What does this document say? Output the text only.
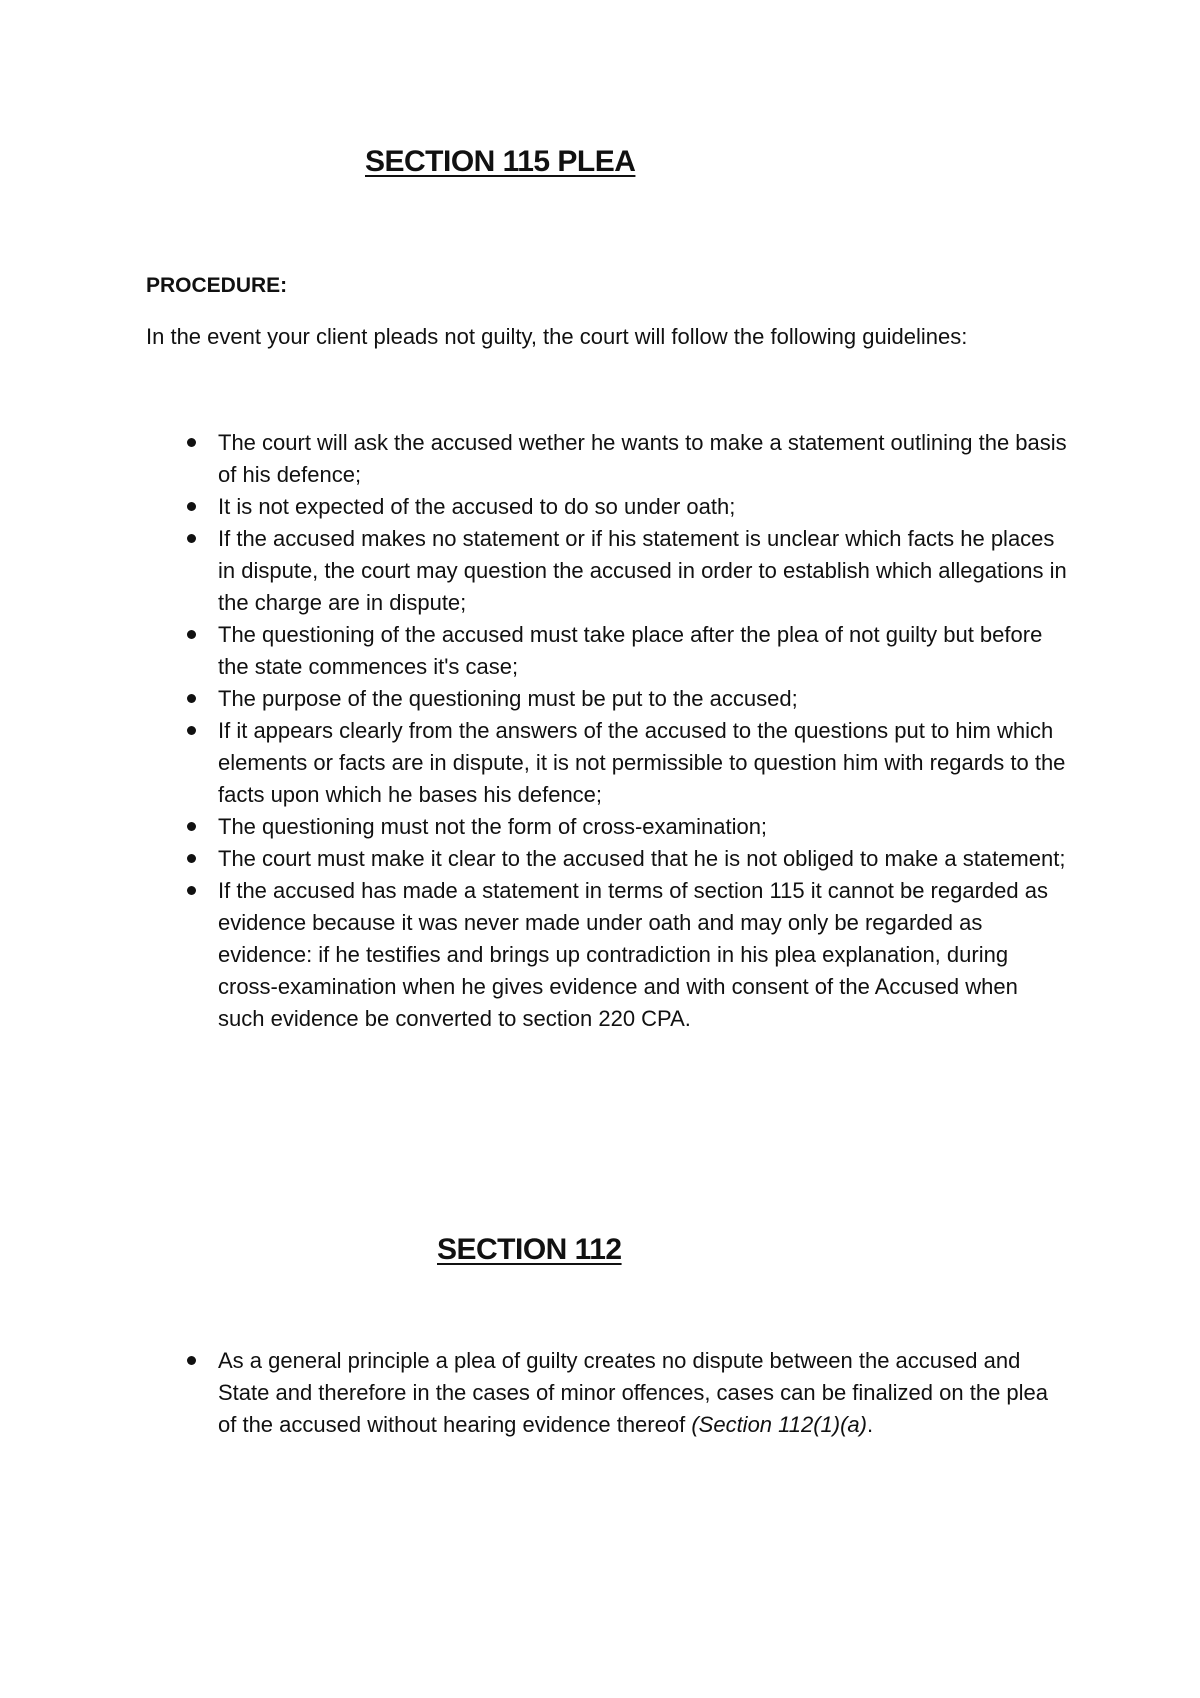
SECTION 115 PLEA

PROCEDURE:

In the event your client pleads not guilty, the court will follow the following guidelines:

The court will ask the accused wether he wants to make a statement outlining the basis of his defence;
It is not expected of the accused to do so under oath;
If the accused makes no statement or if his statement is unclear which facts he places in dispute, the court may question the accused in order to establish which allegations in the charge are in dispute;
The questioning of the accused must take place after the plea of not guilty but before the state commences it's case;
The purpose of the questioning must be put to the accused;
If it appears clearly from the answers of the accused to the questions put to him which elements or facts are in dispute, it is not permissible to question him with regards to the facts upon which he bases his defence;
The questioning must not the form of cross-examination;
The court must make it clear to the accused that he is not obliged to make a statement;
If the accused has made a statement in terms of section 115 it cannot be regarded as evidence because it was never made under oath and may only be regarded as evidence: if he testifies and brings up contradiction in his plea explanation, during cross-examination when he gives evidence and with consent of the Accused when such evidence be converted to section 220 CPA.
SECTION 112
As a general principle a plea of guilty creates no dispute between the accused and State and therefore in the cases of minor offences, cases can be finalized on the plea of the accused without hearing evidence thereof (Section 112(1)(a).
